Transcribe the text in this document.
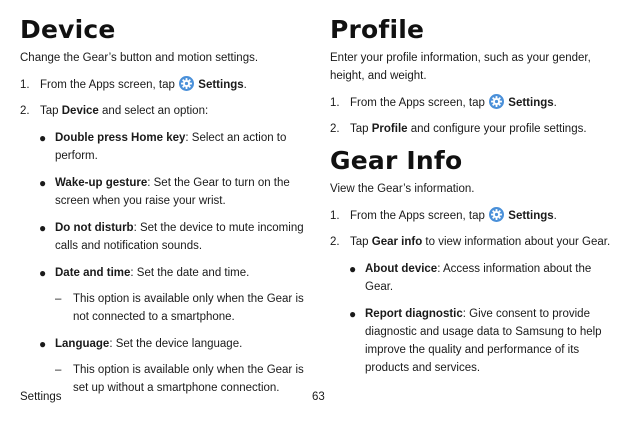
Device

Change the Gear’s button and motion settings.

1. From the Apps screen, tap  Settings.

2. Tap Device and select an option:

● Double press Home key: Select an action to perform.

● Wake-up gesture: Set the Gear to turn on the screen when you raise your wrist.

● Do not disturb: Set the device to mute incoming calls and notification sounds.

● Date and time: Set the date and time.

–	This option is available only when the Gear is not connected to a smartphone.

● Language: Set the device language.

–	This option is available only when the Gear is set up without a smartphone connection.

Profile

Enter your profile information, such as your gender, height, and weight.

1. From the Apps screen, tap  Settings.

2. Tap Profile and configure your profile settings.

Gear Info

View the Gear’s information.

1. From the Apps screen, tap  Settings.

2. Tap Gear info to view information about your Gear.

● About device: Access information about the Gear.

● Report diagnostic: Give consent to provide diagnostic and usage data to Samsung to help improve the quality and performance of its products and services.

Settings	63
